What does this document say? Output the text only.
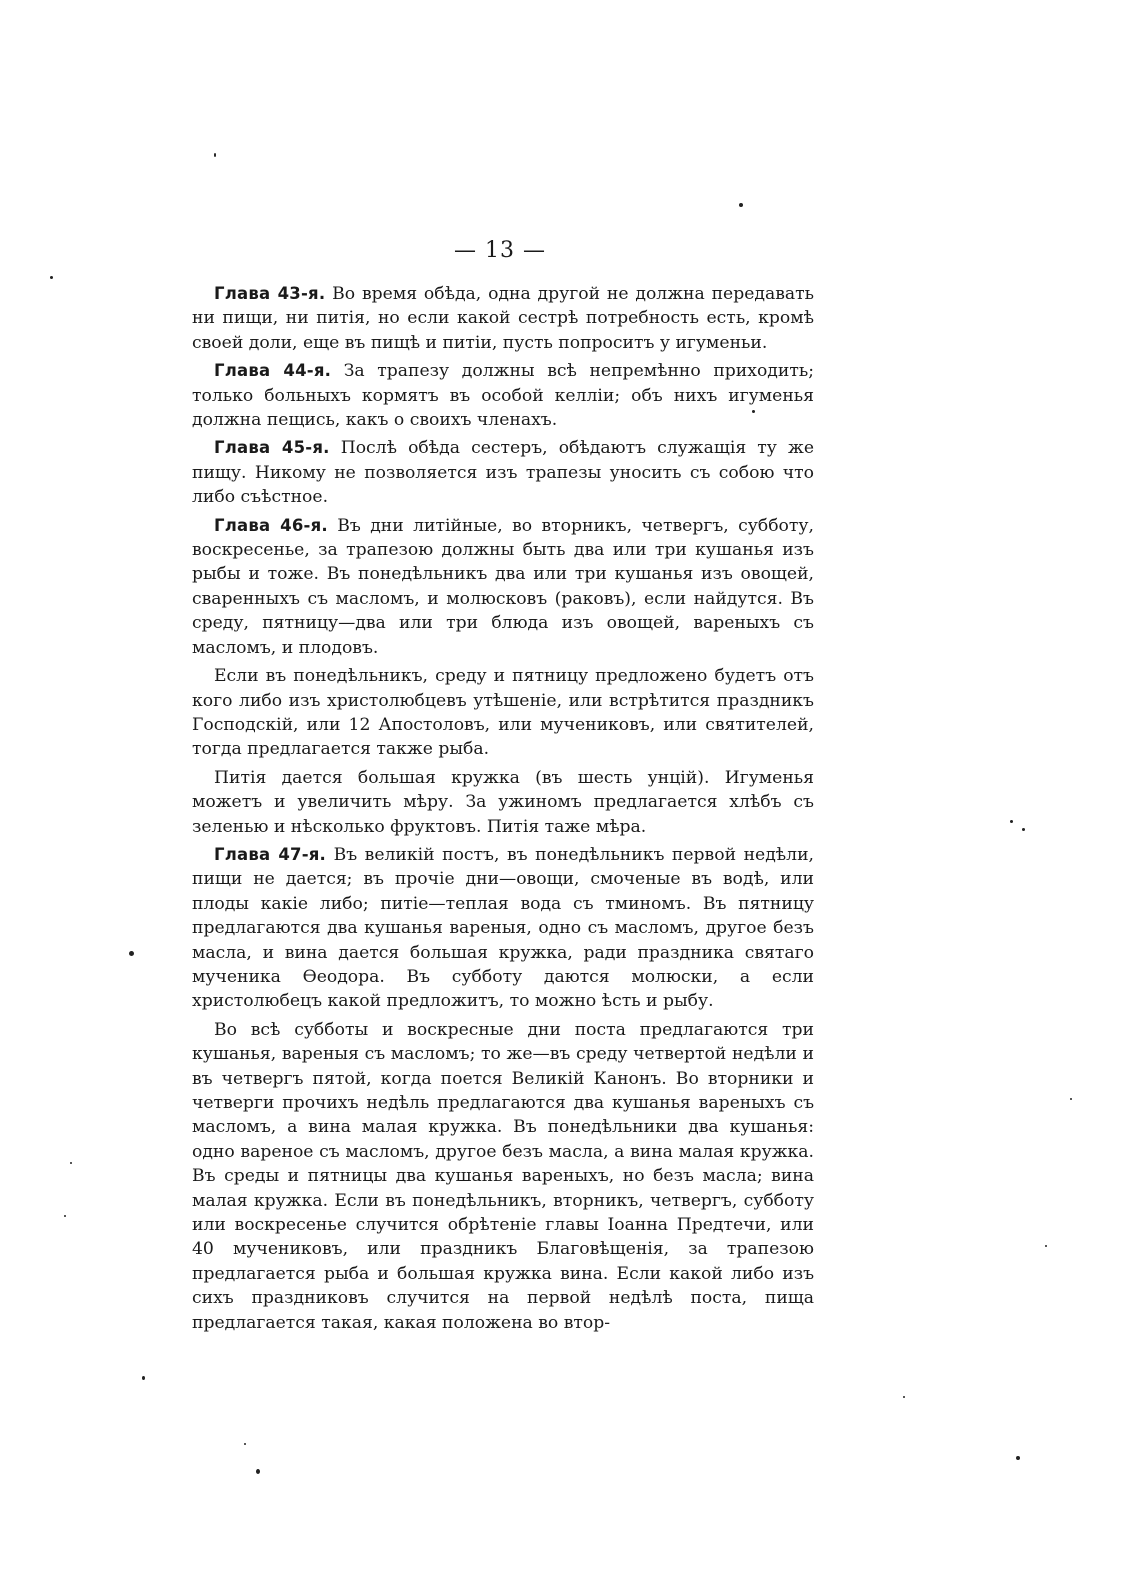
— 13 —

Глава 43-я. Во время обѣда, одна другой не должна передавать ни пищи, ни питія, но если какой сестрѣ потребность есть, кромѣ своей доли, еще въ пищѣ и питіи, пусть попроситъ у игуменьи.

Глава 44-я. За трапезу должны всѣ непремѣнно приходить; только больныхъ кормятъ въ особой келліи; объ нихъ игуменья должна пещись, какъ о своихъ членахъ.

Глава 45-я. Послѣ обѣда сестеръ, обѣдаютъ служащія ту же пищу. Никому не позволяется изъ трапезы уносить съ собою что либо съѣстное.

Глава 46-я. Въ дни литійные, во вторникъ, четвергъ, субботу, воскресенье, за трапезою должны быть два или три кушанья изъ рыбы и тоже. Въ понедѣльникъ два или три кушанья изъ овощей, сваренныхъ съ масломъ, и молюсковъ (раковъ), если найдутся. Въ среду, пятницу—два или три блюда изъ овощей, вареныхъ съ масломъ, и плодовъ.

Если въ понедѣльникъ, среду и пятницу предложено будетъ отъ кого либо изъ христолюбцевъ утѣшеніе, или встрѣтится праздникъ Господскій, или 12 Апостоловъ, или мучениковъ, или святителей, тогда предлагается также рыба.

Питія дается большая кружка (въ шесть унцій). Игуменья можетъ и увеличить мѣру. За ужиномъ предлагается хлѣбъ съ зеленью и нѣсколько фруктовъ. Питія таже мѣра.

Глава 47-я. Въ великій постъ, въ понедѣльникъ первой недѣли, пищи не дается; въ прочіе дни—овощи, смоченые въ водѣ, или плоды какіе либо; питіе—теплая вода съ тминомъ. Въ пятницу предлагаются два кушанья вареныя, одно съ масломъ, другое безъ масла, и вина дается большая кружка, ради праздника святаго мученика Ѳеодора. Въ субботу даются молюски, а если христолюбецъ какой предложитъ, то можно ѣсть и рыбу.

Во всѣ субботы и воскресные дни поста предлагаются три кушанья, вареныя съ масломъ; то же—въ среду четвертой недѣли и въ четвергъ пятой, когда поется Великій Канонъ. Во вторники и четверги прочихъ недѣль предлагаются два кушанья вареныхъ съ масломъ, а вина малая кружка. Въ понедѣльники два кушанья: одно вареное съ масломъ, другое безъ масла, а вина малая кружка. Въ среды и пятницы два кушанья вареныхъ, но безъ масла; вина малая кружка. Если въ понедѣльникъ, вторникъ, четвергъ, субботу или воскресенье случится обрѣтеніе главы Іоанна Предтечи, или 40 мучениковъ, или праздникъ Благовѣщенія, за трапезою предлагается рыба и большая кружка вина. Если какой либо изъ сихъ праздниковъ случится на первой недѣлѣ поста, пища предлагается такая, какая положена во втор-
